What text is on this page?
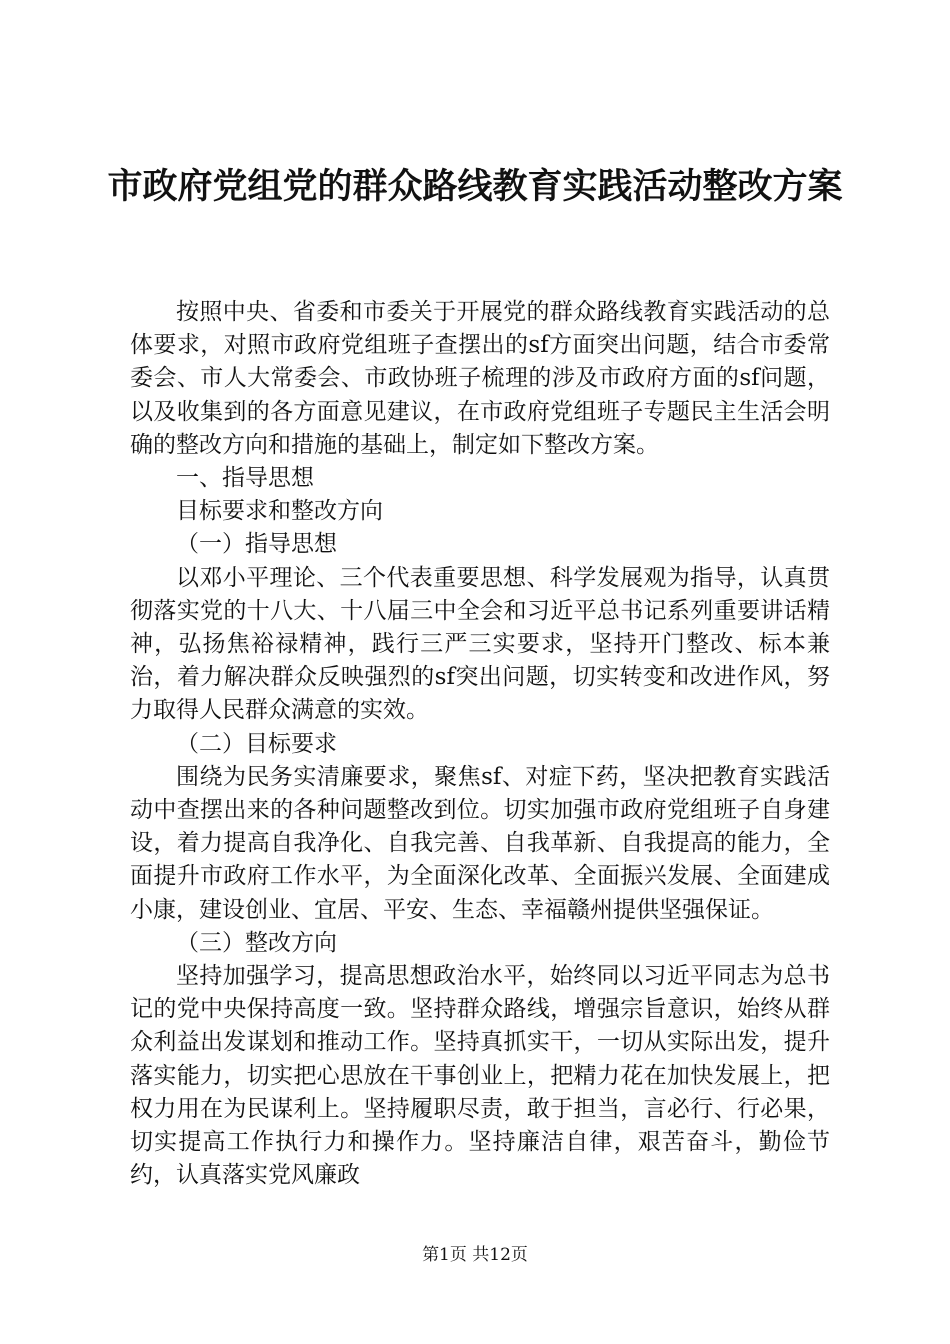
市政府党组党的群众路线教育实践活动整改方案

按照中央、省委和市委关于开展党的群众路线教育实践活动的总体要求，对照市政府党组班子查摆出的sf方面突出问题，结合市委常委会、市人大常委会、市政协班子梳理的涉及市政府方面的sf问题，以及收集到的各方面意见建议，在市政府党组班子专题民主生活会明确的整改方向和措施的基础上，制定如下整改方案。

一、指导思想

目标要求和整改方向

（一）指导思想

以邓小平理论、三个代表重要思想、科学发展观为指导，认真贯彻落实党的十八大、十八届三中全会和习近平总书记系列重要讲话精神，弘扬焦裕禄精神，践行三严三实要求，坚持开门整改、标本兼治，着力解决群众反映强烈的sf突出问题，切实转变和改进作风，努力取得人民群众满意的实效。

（二）目标要求

围绕为民务实清廉要求，聚焦sf、对症下药，坚决把教育实践活动中查摆出来的各种问题整改到位。切实加强市政府党组班子自身建设，着力提高自我净化、自我完善、自我革新、自我提高的能力，全面提升市政府工作水平，为全面深化改革、全面振兴发展、全面建成小康，建设创业、宜居、平安、生态、幸福赣州提供坚强保证。

（三）整改方向

坚持加强学习，提高思想政治水平，始终同以习近平同志为总书记的党中央保持高度一致。坚持群众路线，增强宗旨意识，始终从群众利益出发谋划和推动工作。坚持真抓实干，一切从实际出发，提升落实能力，切实把心思放在干事创业上，把精力花在加快发展上，把权力用在为民谋利上。坚持履职尽责，敢于担当，言必行、行必果，切实提高工作执行力和操作力。坚持廉洁自律，艰苦奋斗，勤俭节约，认真落实党风廉政

第1页 共12页
